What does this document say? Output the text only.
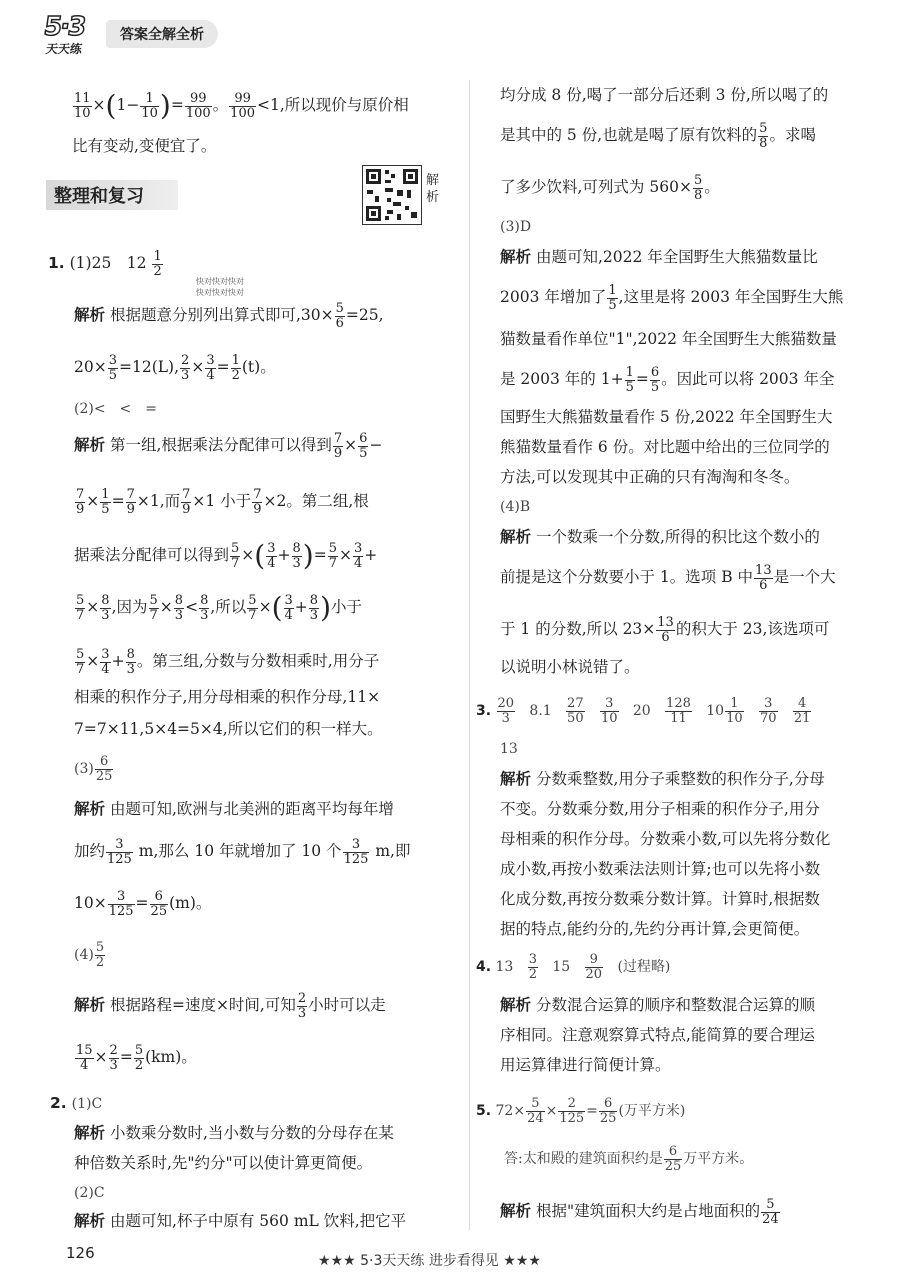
5·3
天天练
答案全解全析
$\frac{11}{10} \times(1- \frac{1}{10}$ )= $\frac{99}{100}$ 。 $\frac{99}{100} <1$,所以现价与原价相
比有变动,变便宜了。
整理和复习
解析
1. (1)25　$12 \frac{1}{2}$
快对快对快对
快对快对快对
解析 根据题意分别列出算式即可$,30\times \frac{5}{6} =25$,
$20\times \frac{3}{5} =12(L)$, $\frac{2}{3} \times \frac{3}{4} = \frac{1}{2} (t)$。
(2)<　<　=
解析 第一组,根据乘法分配律可以得到 $\frac{7}{9} \times \frac{6}{5}$ −
$\frac{7}{9} \times \frac{1}{5} = \frac{7}{9} \times 1$,而 $\frac{7}{9} \times 1$ 小于 $\frac{7}{9} \times 2$。第二组,根
据乘法分配律可以得到 $\frac{5}{7}$ ×( $\frac{3}{4} + \frac{8}{3}$ )= $\frac{5}{7} \times \frac{3}{4}$ +
$\frac{5}{7} \times \frac{8}{3}$ ,因为 $\frac{5}{7} \times \frac{8}{3} < \frac{8}{3}$ ,所以 $\frac{5}{7}$ ×( $\frac{3}{4} + \frac{8}{3}$ )小于
$\frac{5}{7} \times \frac{3}{4} + \frac{8}{3}$ 。第三组,分数与分数相乘时,用分子
相乘的积作分子,用分母相乘的积作分母,11×
7=7×11,5×4=5×4,所以它们的积一样大。
$(3) \frac{6}{25}$
解析 由题可知,欧洲与北美洲的距离平均每年增
加约 $\frac{3}{125} m$,那么 10 年就增加了 10 个 $\frac{3}{125} m$,即
$10\times \frac{3}{125} = \frac{6}{25} (m)$。
$(4) \frac{5}{2}$
解析 根据路程=速度×时间,可知 $\frac{2}{3}$ 小时可以走
$\frac{15}{4} \times \frac{2}{3} = \frac{5}{2} (km)$。
2. (1)C
解析 小数乘分数时,当小数与分数的分母存在某
种倍数关系时,先"约分"可以使计算更简便。
(2)C
解析 由题可知,杯子中原有 560 mL 饮料,把它平
均分成 8 份,喝了一部分后还剩 3 份,所以喝了的
是其中的 5 份,也就是喝了原有饮料的 $\frac{5}{8}$ 。求喝
了多少饮料,可列式为 $560\times \frac{5}{8}$ 。
(3)D
解析 由题可知,2022 年全国野生大熊猫数量比
2003 年增加了 $\frac{1}{5}$ ,这里是将 2003 年全国野生大熊
猫数量看作单位"1",2022 年全国野生大熊猫数量
是 2003 年的 $1+ \frac{1}{5} = \frac{6}{5}$ 。因此可以将 2003 年全
国野生大熊猫数量看作 5 份,2022 年全国野生大
熊猫数量看作 6 份。对比题中给出的三位同学的
方法,可以发现其中正确的只有淘淘和冬冬。
(4)B
解析 一个数乘一个分数,所得的积比这个数小的
前提是这个分数要小于 1。选项 B 中 $\frac{13}{6}$ 是一个大
于 1 的分数,所以 $23\times \frac{13}{6}$ 的积大于 23,该选项可
以说明小林说错了。
3. $\frac{20}{3} 8.1 \frac{27}{50}$
$\frac{3}{10} 20 \frac{128}{11} 10 \frac{1}{10}$
$\frac{3}{70}$
$\frac{4}{21}$
13
解析 分数乘整数,用分子乘整数的积作分子,分母
不变。分数乘分数,用分子相乘的积作分子,用分
母相乘的积作分母。分数乘小数,可以先将分数化
成小数,再按小数乘法法则计算;也可以先将小数
化成分数,再按分数乘分数计算。计算时,根据数
据的特点,能约分的,先约分再计算,会更简便。
4. $13 \frac{3}{2} 15 \frac{9}{20}$ (过程略)
解析 分数混合运算的顺序和整数混合运算的顺
序相同。注意观察算式特点,能简算的要合理运
用运算律进行简便计算。
5. $72\times \frac{5}{24} \times \frac{2}{125} = \frac{6}{25}$ (万平方米)
答:太和殿的建筑面积约是 $\frac{6}{25}$ 万平方米。
解析 根据"建筑面积大约是占地面积的 $\frac{5}{24}$
126	★★★ 5·3天天练 进步看得见 ★★★
